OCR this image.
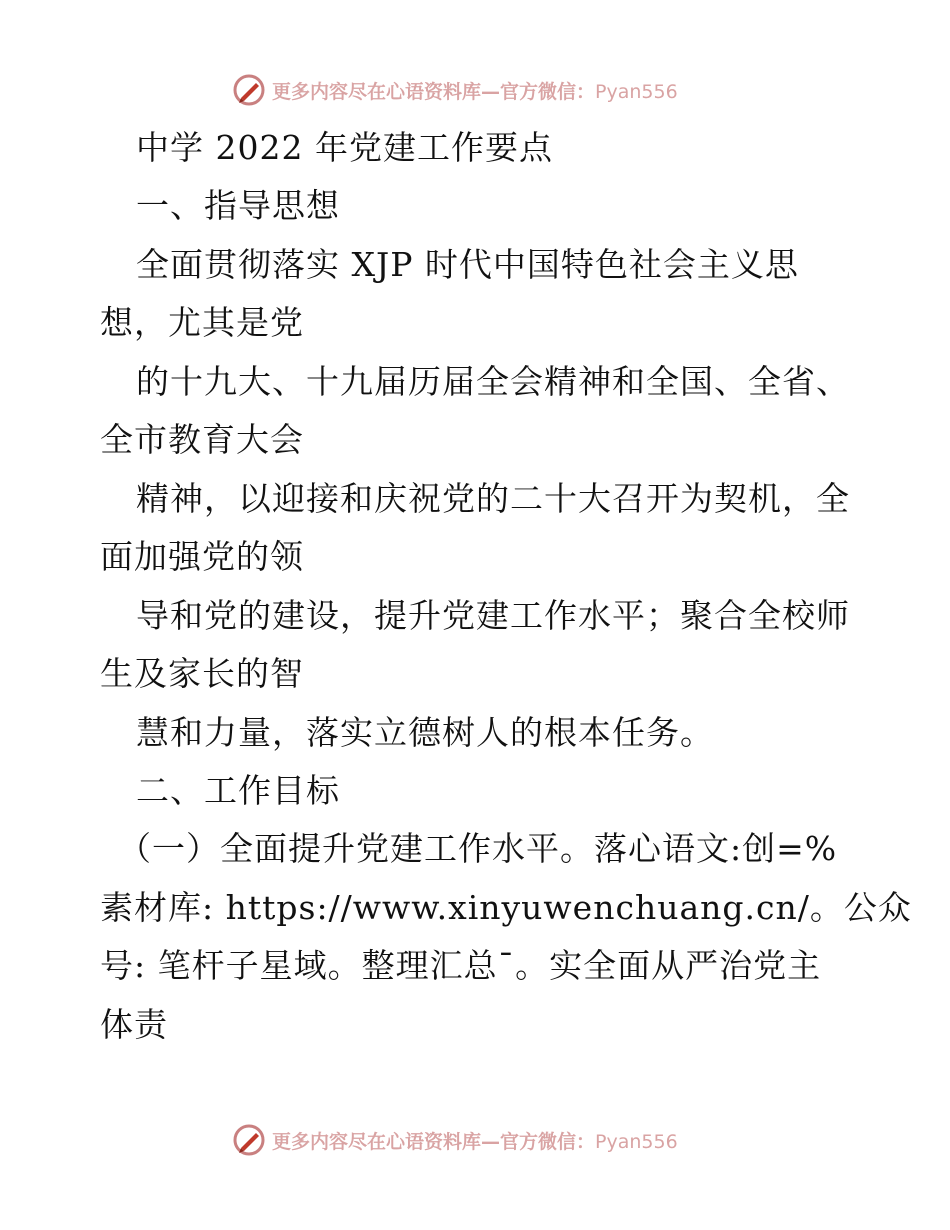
更多内容尽在心语资料库—官方微信：Pyan556
中学 2022 年党建工作要点
一、指导思想
全面贯彻落实 XJP 时代中国特色社会主义思
想，尤其是党
的十九大、十九届历届全会精神和全国、全省、
全市教育大会
精神，以迎接和庆祝党的二十大召开为契机，全
面加强党的领
导和党的建设，提升党建工作水平；聚合全校师
生及家长的智
慧和力量，落实立德树人的根本任务。
二、工作目标
（一）全面提升党建工作水平。落心语文:创=%
素材库: https://www.xinyuwenchuang.cn/。公众
号: 笔杆子星域。整理汇总¯。实全面从严治党主
体责
更多内容尽在心语资料库—官方微信：Pyan556
